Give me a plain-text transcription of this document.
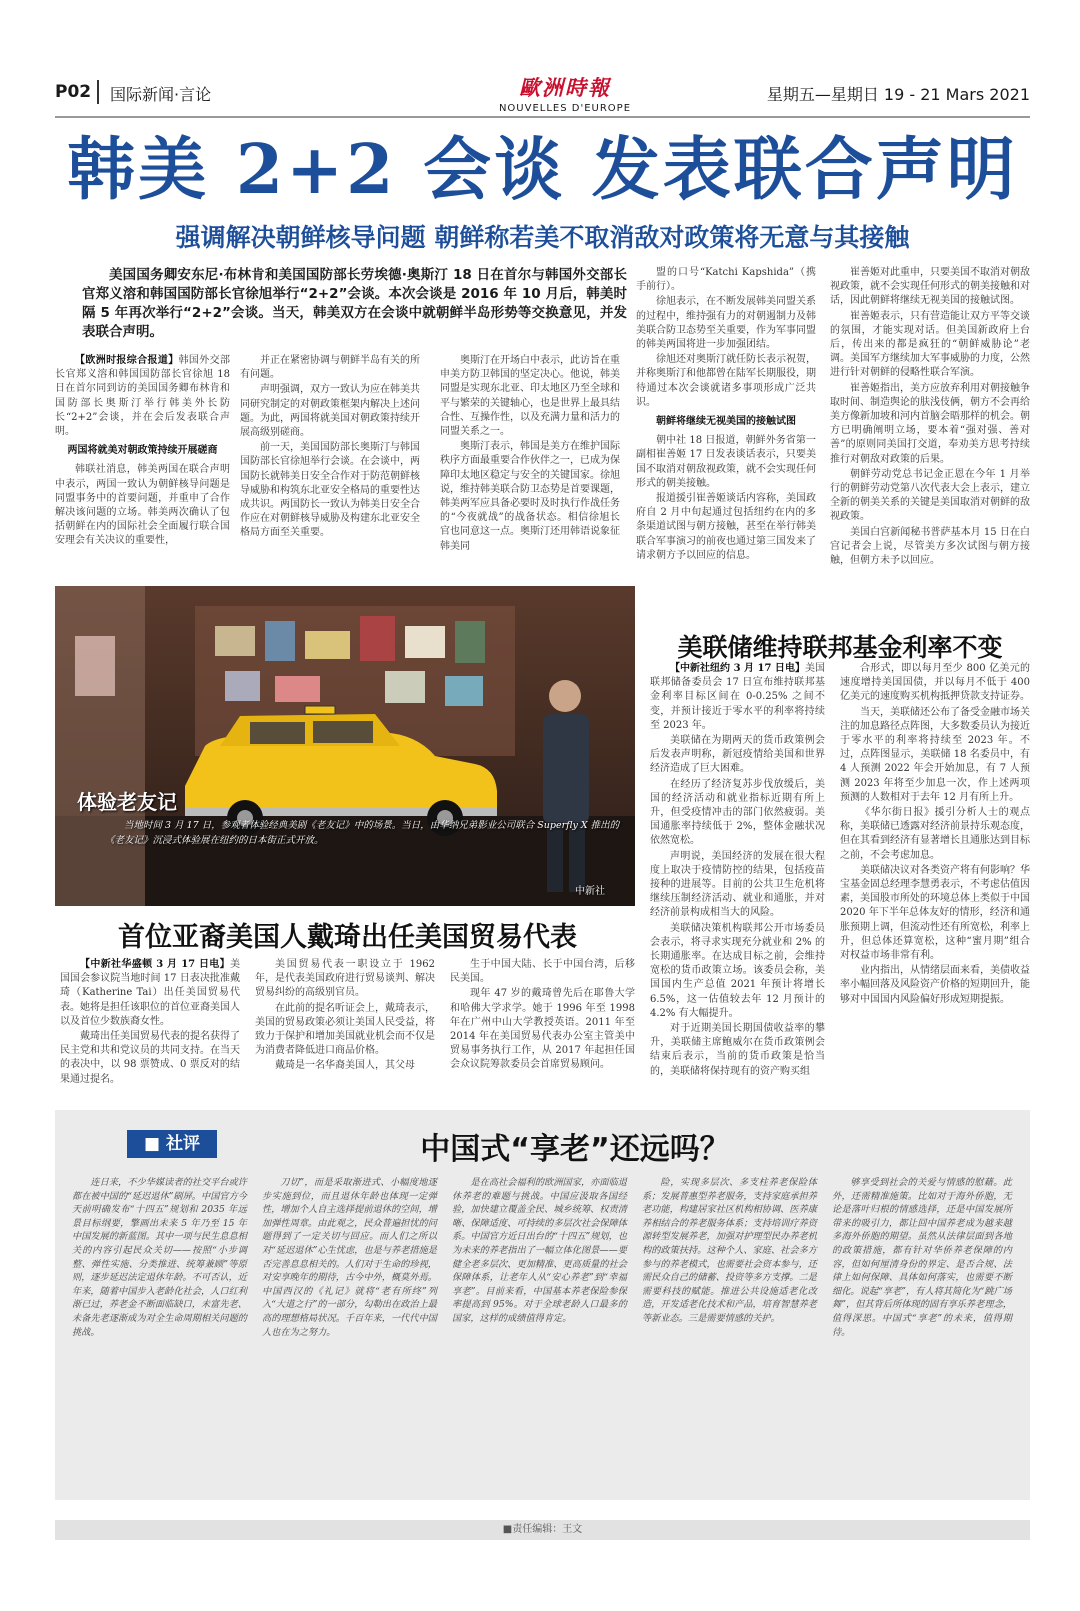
P02 国际新闻·言论	歐洲時報
NOUVELLES D'EUROPE
星期五—星期日 19 - 21 Mars 2021
韩美 2+2 会谈 发表联合声明
强调解决朝鲜核导问题 朝鲜称若美不取消敌对政策将无意与其接触
美国国务卿安东尼·布林肯和美国国防部长劳埃德·奥斯汀 18 日在首尔与韩国外交部长官郑义溶和韩国国防部长官徐旭举行“2+2”会谈。本次会谈是 2016 年 10 月后，韩美时隔 5 年再次举行“2+2”会谈。当天，韩美双方在会谈中就朝鲜半岛形势等交换意见，并发表联合声明。

【欧洲时报综合报道】韩国外交部长官郑义溶和韩国国防部长官徐旭 18 日在首尔同到访的美国国务卿布林肯和国防部长奥斯汀举行韩美外长防长“2+2”会谈，并在会后发表联合声明。

两国将就美对朝政策持续开展磋商

韩联社消息，韩美两国在联合声明中表示，两国一致认为朝鲜核导问题是同盟事务中的首要问题，并重申了合作解决该问题的立场。韩美两次确认了包括朝鲜在内的国际社会全面履行联合国安理会有关决议的重要性，

并正在紧密协调与朝鲜半岛有关的所有问题。

声明强调，双方一致认为应在韩美共同研究制定的对朝政策框架内解决上述问题。为此，两国将就美国对朝政策持续开展高级别磋商。

前一天，美国国防部长奥斯汀与韩国国防部长官徐旭举行会谈。在会谈中，两国防长就韩美日安全合作对于防范朝鲜核导威胁和构筑东北亚安全格局的重要性达成共识。两国防长一致认为韩美日安全合作应在对朝鲜核导威胁及构建东北亚安全格局方面至关重要。

奥斯汀在开场白中表示，此访旨在重申美方防卫韩国的坚定决心。他说，韩美同盟是实现东北亚、印太地区乃至全球和平与繁荣的关键轴心，也是世界上最具结合性、互操作性，以及充满力量和活力的同盟关系之一。

奥斯汀表示，韩国是美方在维护国际秩序方面最重要合作伙伴之一，已成为保障印太地区稳定与安全的关键国家。徐旭说，维持韩美联合防卫态势是首要课题，韩美两军应具备必要时及时执行作战任务的“今夜就战”的战备状态。相信徐旭长官也同意这一点。奥斯汀还用韩语说象征韩美同

盟的口号“Katchi Kapshida”（携手前行）。

徐旭表示，在不断发展韩美同盟关系的过程中，维持强有力的对朝遏制力及韩美联合防卫态势至关重要，作为军事同盟的韩美两国将进一步加强团结。

徐旭还对奥斯汀就任防长表示祝贺，并称奥斯汀和他都曾在陆军长期服役，期待通过本次会谈就诸多事项形成广泛共识。

朝鲜将继续无视美国的接触试图

朝中社 18 日报道，朝鲜外务省第一副相崔善姬 17 日发表谈话表示，只要美国不取消对朝敌视政策，就不会实现任何形式的朝美接触。

报道援引崔善姬谈话内容称，美国政府自 2 月中旬起通过包括纽约在内的多条渠道试图与朝方接触，甚至在举行韩美联合军事演习的前夜也通过第三国发来了请求朝方予以回应的信息。

崔善姬对此重申，只要美国不取消对朝敌视政策，就不会实现任何形式的朝美接触和对话，因此朝鲜将继续无视美国的接触试图。

崔善姬表示，只有营造能让双方平等交谈的氛围，才能实现对话。但美国新政府上台后，传出来的都是疯狂的“朝鲜威胁论”老调。美国军方继续加大军事威胁的力度，公然进行针对朝鲜的侵略性联合军演。

崔善姬指出，美方应放弃利用对朝接触争取时间、制造舆论的肤浅伎俩，朝方不会再给美方像新加坡和河内首脑会晤那样的机会。朝方已明确阐明立场，要本着“强对强、善对善”的原则同美国打交道，奉劝美方思考持续推行对朝敌对政策的后果。

朝鲜劳动党总书记金正恩在今年 1 月举行的朝鲜劳动党第八次代表大会上表示，建立全新的朝美关系的关键是美国取消对朝鲜的敌视政策。

美国白宫新闻秘书普萨基本月 15 日在白宫记者会上说，尽管美方多次试图与朝方接触，但朝方未予以回应。

体验老友记
当地时间 3 月 17 日，参观者体验经典美剧《老友记》中的场景。当日，由华纳兄弟影业公司联合 Superfly X 推出的《老友记》沉浸式体验展在纽约的日本街正式开放。
中新社
美联储维持联邦基金利率不变

【中新社纽约 3 月 17 日电】美国联邦储备委员会 17 日宣布维持联邦基金利率目标区间在 0-0.25% 之间不变，并预计接近于零水平的利率将持续至 2023 年。

美联储在为期两天的货币政策例会后发表声明称，新冠疫情给美国和世界经济造成了巨大困难。

在经历了经济复苏步伐放缓后，美国的经济活动和就业指标近期有所上升，但受疫情冲击的部门依然疲弱。美国通胀率持续低于 2%，整体金融状况依然宽松。

声明说，美国经济的发展在很大程度上取决于疫情防控的结果，包括疫苗接种的进展等。目前的公共卫生危机将继续压制经济活动、就业和通胀，并对经济前景构成相当大的风险。

美联储决策机构联邦公开市场委员会表示，将寻求实现充分就业和 2% 的长期通胀率。在达成目标之前，会维持宽松的货币政策立场。该委员会称，美国国内生产总值 2021 年预计将增长 6.5%，这一估值较去年 12 月预计的 4.2% 有大幅提升。

对于近期美国长期国债收益率的攀升，美联储主席鲍威尔在货币政策例会结束后表示，当前的货币政策是恰当的，美联储将保持现有的资产购买组

合形式，即以每月至少 800 亿美元的速度增持美国国债，并以每月不低于 400 亿美元的速度购买机构抵押贷款支持证券。

当天，美联储还公布了备受金融市场关注的加息路径点阵图，大多数委员认为接近于零水平的利率将持续至 2023 年。不过，点阵图显示，美联储 18 名委员中，有 4 人预测 2022 年会开始加息，有 7 人预测 2023 年将至少加息一次，作上述两项预测的人数相对于去年 12 月有所上升。

《华尔街日报》援引分析人士的观点称，美联储已透露对经济前景持乐观态度，但在其看到经济有显著增长且通胀达到目标之前，不会考虑加息。

美联储决议对各类资产将有何影响？华宝基金固总经理李慧勇表示，不考虑估值因素，美国股市所处的环境总体上类似于中国 2020 年下半年总体友好的情形，经济和通胀预期上调，但流动性还有所宽松，利率上升，但总体还算宽松，这种“蜜月期”组合对权益市场非常有利。

业内指出，从情绪层面来看，美债收益率小幅回落及风险资产价格的短期回升，能够对中国国内风险偏好形成短期提振。

首位亚裔美国人戴琦出任美国贸易代表

【中新社华盛顿 3 月 17 日电】美国国会参议院当地时间 17 日表决批准戴琦（Katherine Tai）出任美国贸易代表。她将是担任该职位的首位亚裔美国人以及首位少数族裔女性。

戴琦出任美国贸易代表的提名获得了民主党和共和党议员的共同支持。在当天的表决中，以 98 票赞成、0 票反对的结果通过提名。

美国贸易代表一职设立于 1962 年，是代表美国政府进行贸易谈判、解决贸易纠纷的高级别官员。

在此前的提名听证会上，戴琦表示，美国的贸易政策必须让美国人民受益，将致力于保护和增加美国就业机会而不仅是为消费者降低进口商品价格。

戴琦是一名华裔美国人，其父母

生于中国大陆、长于中国台湾，后移民美国。

现年 47 岁的戴琦曾先后在耶鲁大学和哈佛大学求学。她于 1996 年至 1998 年在广州中山大学教授英语。2011 年至 2014 年在美国贸易代表办公室主管美中贸易事务执行工作，从 2017 年起担任国会众议院筹款委员会首席贸易顾问。

■ 社评	中国式“享老”还远吗？

连日来，不少华媒读者的社交平台或许都在被中国的“延迟退休”刷屏。中国官方今天前明确发布“十四五”规划和 2035 年远景目标纲要，擎画出未来 5 年乃至 15 年中国发展的新蓝图。其中一项与民生息息相关的内容引起民众关切——按照“小步调整、弹性实施、分类推进、统筹兼顾”等原则，逐步延迟法定退休年龄。不可否认，近年来，随着中国步入老龄化社会，人口红利渐已过，养老金不断面临缺口，未富先老、未备先老逐渐成为对全生命周期相关问题的挑战。

刀切”，而是采取渐进式、小幅度地逐步实施到位，而且退休年龄也体现一定弹性，增加个人自主选择提前退休的空间，增加弹性周章。由此观之，民众普遍担忧的问题得到了一定关切与回应。而人们之所以对“延迟退休”心生忧虑，也是与养老措施是否完善息息相关的。人们对于生命的珍视，对安享晚年的期待，古今中外，概莫外焉。中国西汉的《礼记》就将“老有所终”列入“大道之行”的一部分，勾勒出在政治上最高的理想格局状况。千百年来，一代代中国人也在为之努力。

是在高社会福利的欧洲国家，亦面临退休养老的难题与挑战。中国应汲取各国经验，加快建立覆盖全民、城乡统筹、权责清晰、保障适度、可持续的多层次社会保障体系。中国官方近日出台的“十四五”规划，也为未来的养老指出了一幅立体化图景——要健全老多层次、更加精准、更高质量的社会保障体系，让老年人从“安心养老”到“幸福享老”。目前来看，中国基本养老保险参保率提高到 95%。对于全球老龄人口最多的国家，这样的成绩值得肯定。

险，实现多层次、多支柱养老保险体系；发展普惠型养老服务，支持家庭承担养老功能，构建居家社区机构相协调、医养康养相结合的养老服务体系；支持培训疗养资源转型发展养老，加强对护理型民办养老机构的政策扶持。这种个人、家庭、社会多方参与的养老模式，也需要社会资本参与，还需民众自己的储蓄、投资等多方支撑。二是需要科技的赋能。推进公共设施适老化改造，开发适老化技术和产品，培育智慧养老等新业态。三是需要情感的关护。

够享受到社会的关爱与情感的慰藉。此外，还需精准施策。比如对于海外侨胞，无论是落叶归根的情感选择，还是中国发展所带来的吸引力，都让回中国养老成为越来越多海外侨胞的期望。虽然从法律层面到各地的政策措施，都有针对华侨养老保障的内容，但如何厘清身份的界定、是否合规、法律上如何保障、具体如何落实，也需要不断细化。说起“享老”，有人将其简化为“跳广场舞”，但其背后所体现的固有享乐养老理念，值得深思。中国式“享老”的未来，值得期待。

■责任编辑：王文
